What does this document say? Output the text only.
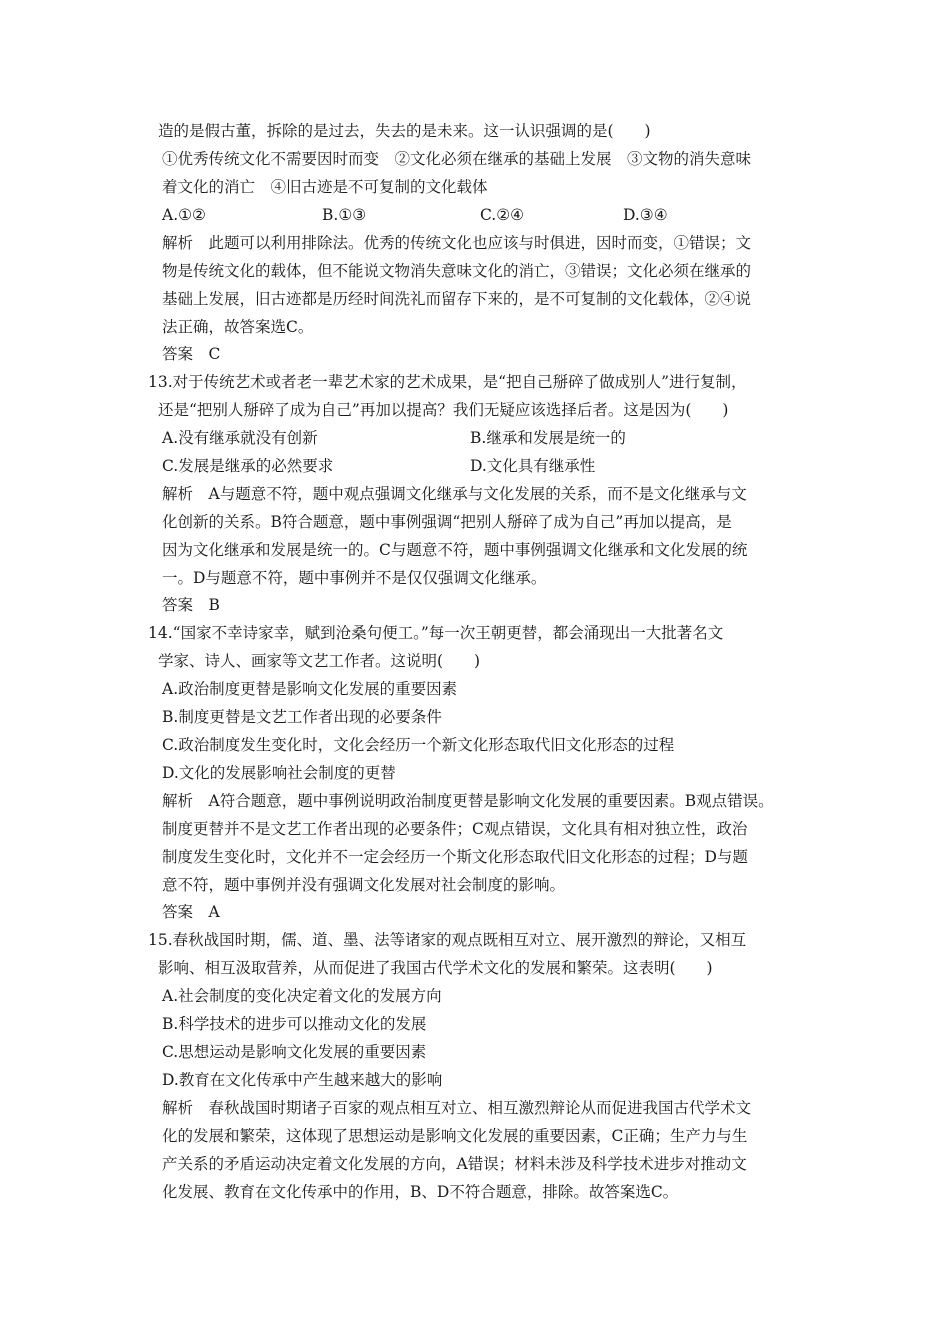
造的是假古董，拆除的是过去，失去的是未来。这一认识强调的是(　　)
①优秀传统文化不需要因时而变　②文化必须在继承的基础上发展　③文物的消失意味
着文化的消亡　④旧古迹是不可复制的文化载体
A.①②	B.①③	C.②④	D.③④
解析　此题可以利用排除法。优秀的传统文化也应该与时俱进，因时而变，①错误；文
物是传统文化的载体，但不能说文物消失意味文化的消亡，③错误；文化必须在继承的
基础上发展，旧古迹都是历经时间洗礼而留存下来的，是不可复制的文化载体，②④说
法正确，故答案选C。
答案　C
13.对于传统艺术或者老一辈艺术家的艺术成果，是“把自己掰碎了做成别人”进行复制，
还是“把别人掰碎了成为自己”再加以提高？我们无疑应该选择后者。这是因为(　　)
A.没有继承就没有创新	B.继承和发展是统一的
C.发展是继承的必然要求	D.文化具有继承性
解析　A与题意不符，题中观点强调文化继承与文化发展的关系，而不是文化继承与文
化创新的关系。B符合题意，题中事例强调“把别人掰碎了成为自己”再加以提高，是
因为文化继承和发展是统一的。C与题意不符，题中事例强调文化继承和文化发展的统
一。D与题意不符，题中事例并不是仅仅强调文化继承。
答案　B
14.“国家不幸诗家幸，赋到沧桑句便工。”每一次王朝更替，都会涌现出一大批著名文
学家、诗人、画家等文艺工作者。这说明(　　)
A.政治制度更替是影响文化发展的重要因素
B.制度更替是文艺工作者出现的必要条件
C.政治制度发生变化时，文化会经历一个新文化形态取代旧文化形态的过程
D.文化的发展影响社会制度的更替
解析　A符合题意，题中事例说明政治制度更替是影响文化发展的重要因素。B观点错误。
制度更替并不是文艺工作者出现的必要条件；C观点错误，文化具有相对独立性，政治
制度发生变化时，文化并不一定会经历一个斯文化形态取代旧文化形态的过程；D与题
意不符，题中事例并没有强调文化发展对社会制度的影响。
答案　A
15.春秋战国时期，儒、道、墨、法等诸家的观点既相互对立、展开激烈的辩论，又相互
影响、相互汲取营养，从而促进了我国古代学术文化的发展和繁荣。这表明(　　)
A.社会制度的变化决定着文化的发展方向
B.科学技术的进步可以推动文化的发展
C.思想运动是影响文化发展的重要因素
D.教育在文化传承中产生越来越大的影响
解析　春秋战国时期诸子百家的观点相互对立、相互激烈辩论从而促进我国古代学术文
化的发展和繁荣，这体现了思想运动是影响文化发展的重要因素，C正确；生产力与生
产关系的矛盾运动决定着文化发展的方向，A错误；材料未涉及科学技术进步对推动文
化发展、教育在文化传承中的作用，B、D不符合题意，排除。故答案选C。
